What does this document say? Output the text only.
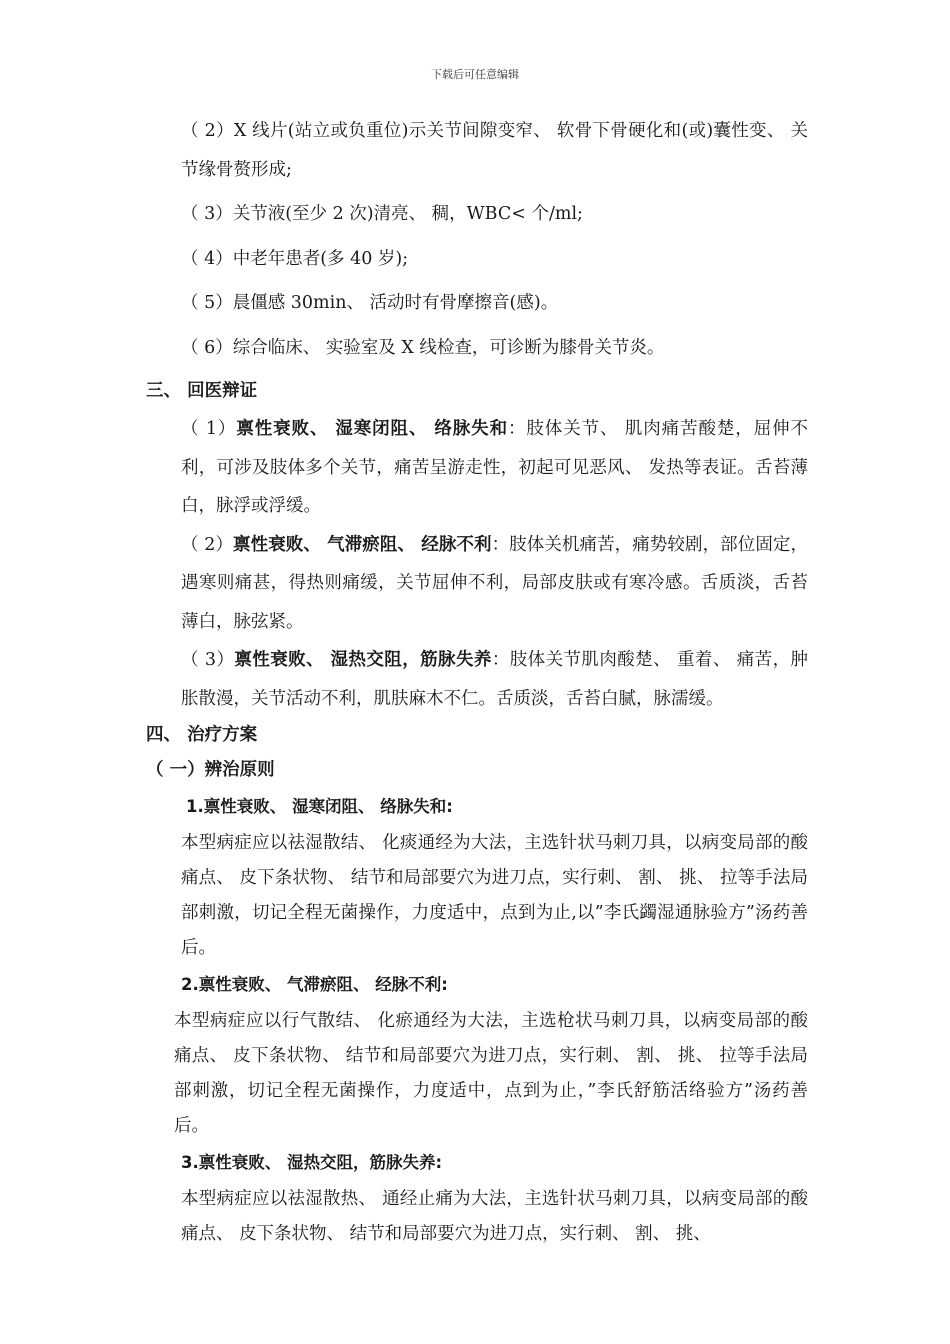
下载后可任意编辑

（ 2）X 线片(站立或负重位)示关节间隙变窄、 软骨下骨硬化和(或)囊性变、 关节缘骨赘形成;

（ 3）关节液(至少 2 次)清亮、 稠，WBC< 个/ml;

（ 4）中老年患者(多 40 岁);

（ 5）晨僵感 30min、 活动时有骨摩擦音(感)。

（ 6）综合临床、 实验室及 X 线检查，可诊断为膝骨关节炎。

三、 回医辩证

（ 1）禀性衰败、 湿寒闭阻、 络脉失和：肢体关节、 肌肉痛苦酸楚，屈伸不利，可涉及肢体多个关节，痛苦呈游走性，初起可见恶风、 发热等表证。舌苔薄白，脉浮或浮缓。

（ 2）禀性衰败、 气滞瘀阻、 经脉不利：肢体关机痛苦，痛势较剧，部位固定，遇寒则痛甚，得热则痛缓，关节屈伸不利，局部皮肤或有寒冷感。舌质淡，舌苔薄白，脉弦紧。

（ 3）禀性衰败、 湿热交阻，筋脉失养：肢体关节肌肉酸楚、 重着、 痛苦，肿胀散漫，关节活动不利，肌肤麻木不仁。舌质淡，舌苔白腻，脉濡缓。

四、 治疗方案

（ 一）辨治原则

1.禀性衰败、 湿寒闭阻、 络脉失和:

本型病症应以祛湿散结、 化痰通经为大法，主选针状马刺刀具，以病变局部的酸痛点、 皮下条状物、 结节和局部要穴为进刀点，实行刺、 割、 挑、 拉等手法局部刺激，切记全程无菌操作，力度适中，点到为止,以”李氏蠲湿通脉验方”汤药善后。

2.禀性衰败、 气滞瘀阻、 经脉不利:

本型病症应以行气散结、 化瘀通经为大法，主选枪状马刺刀具，以病变局部的酸痛点、 皮下条状物、 结节和局部要穴为进刀点，实行刺、 割、 挑、 拉等手法局部刺激，切记全程无菌操作，力度适中，点到为止，”李氏舒筋活络验方”汤药善后。

3.禀性衰败、 湿热交阻，筋脉失养:

本型病症应以祛湿散热、 通经止痛为大法，主选针状马刺刀具，以病变局部的酸痛点、 皮下条状物、 结节和局部要穴为进刀点，实行刺、 割、 挑、
